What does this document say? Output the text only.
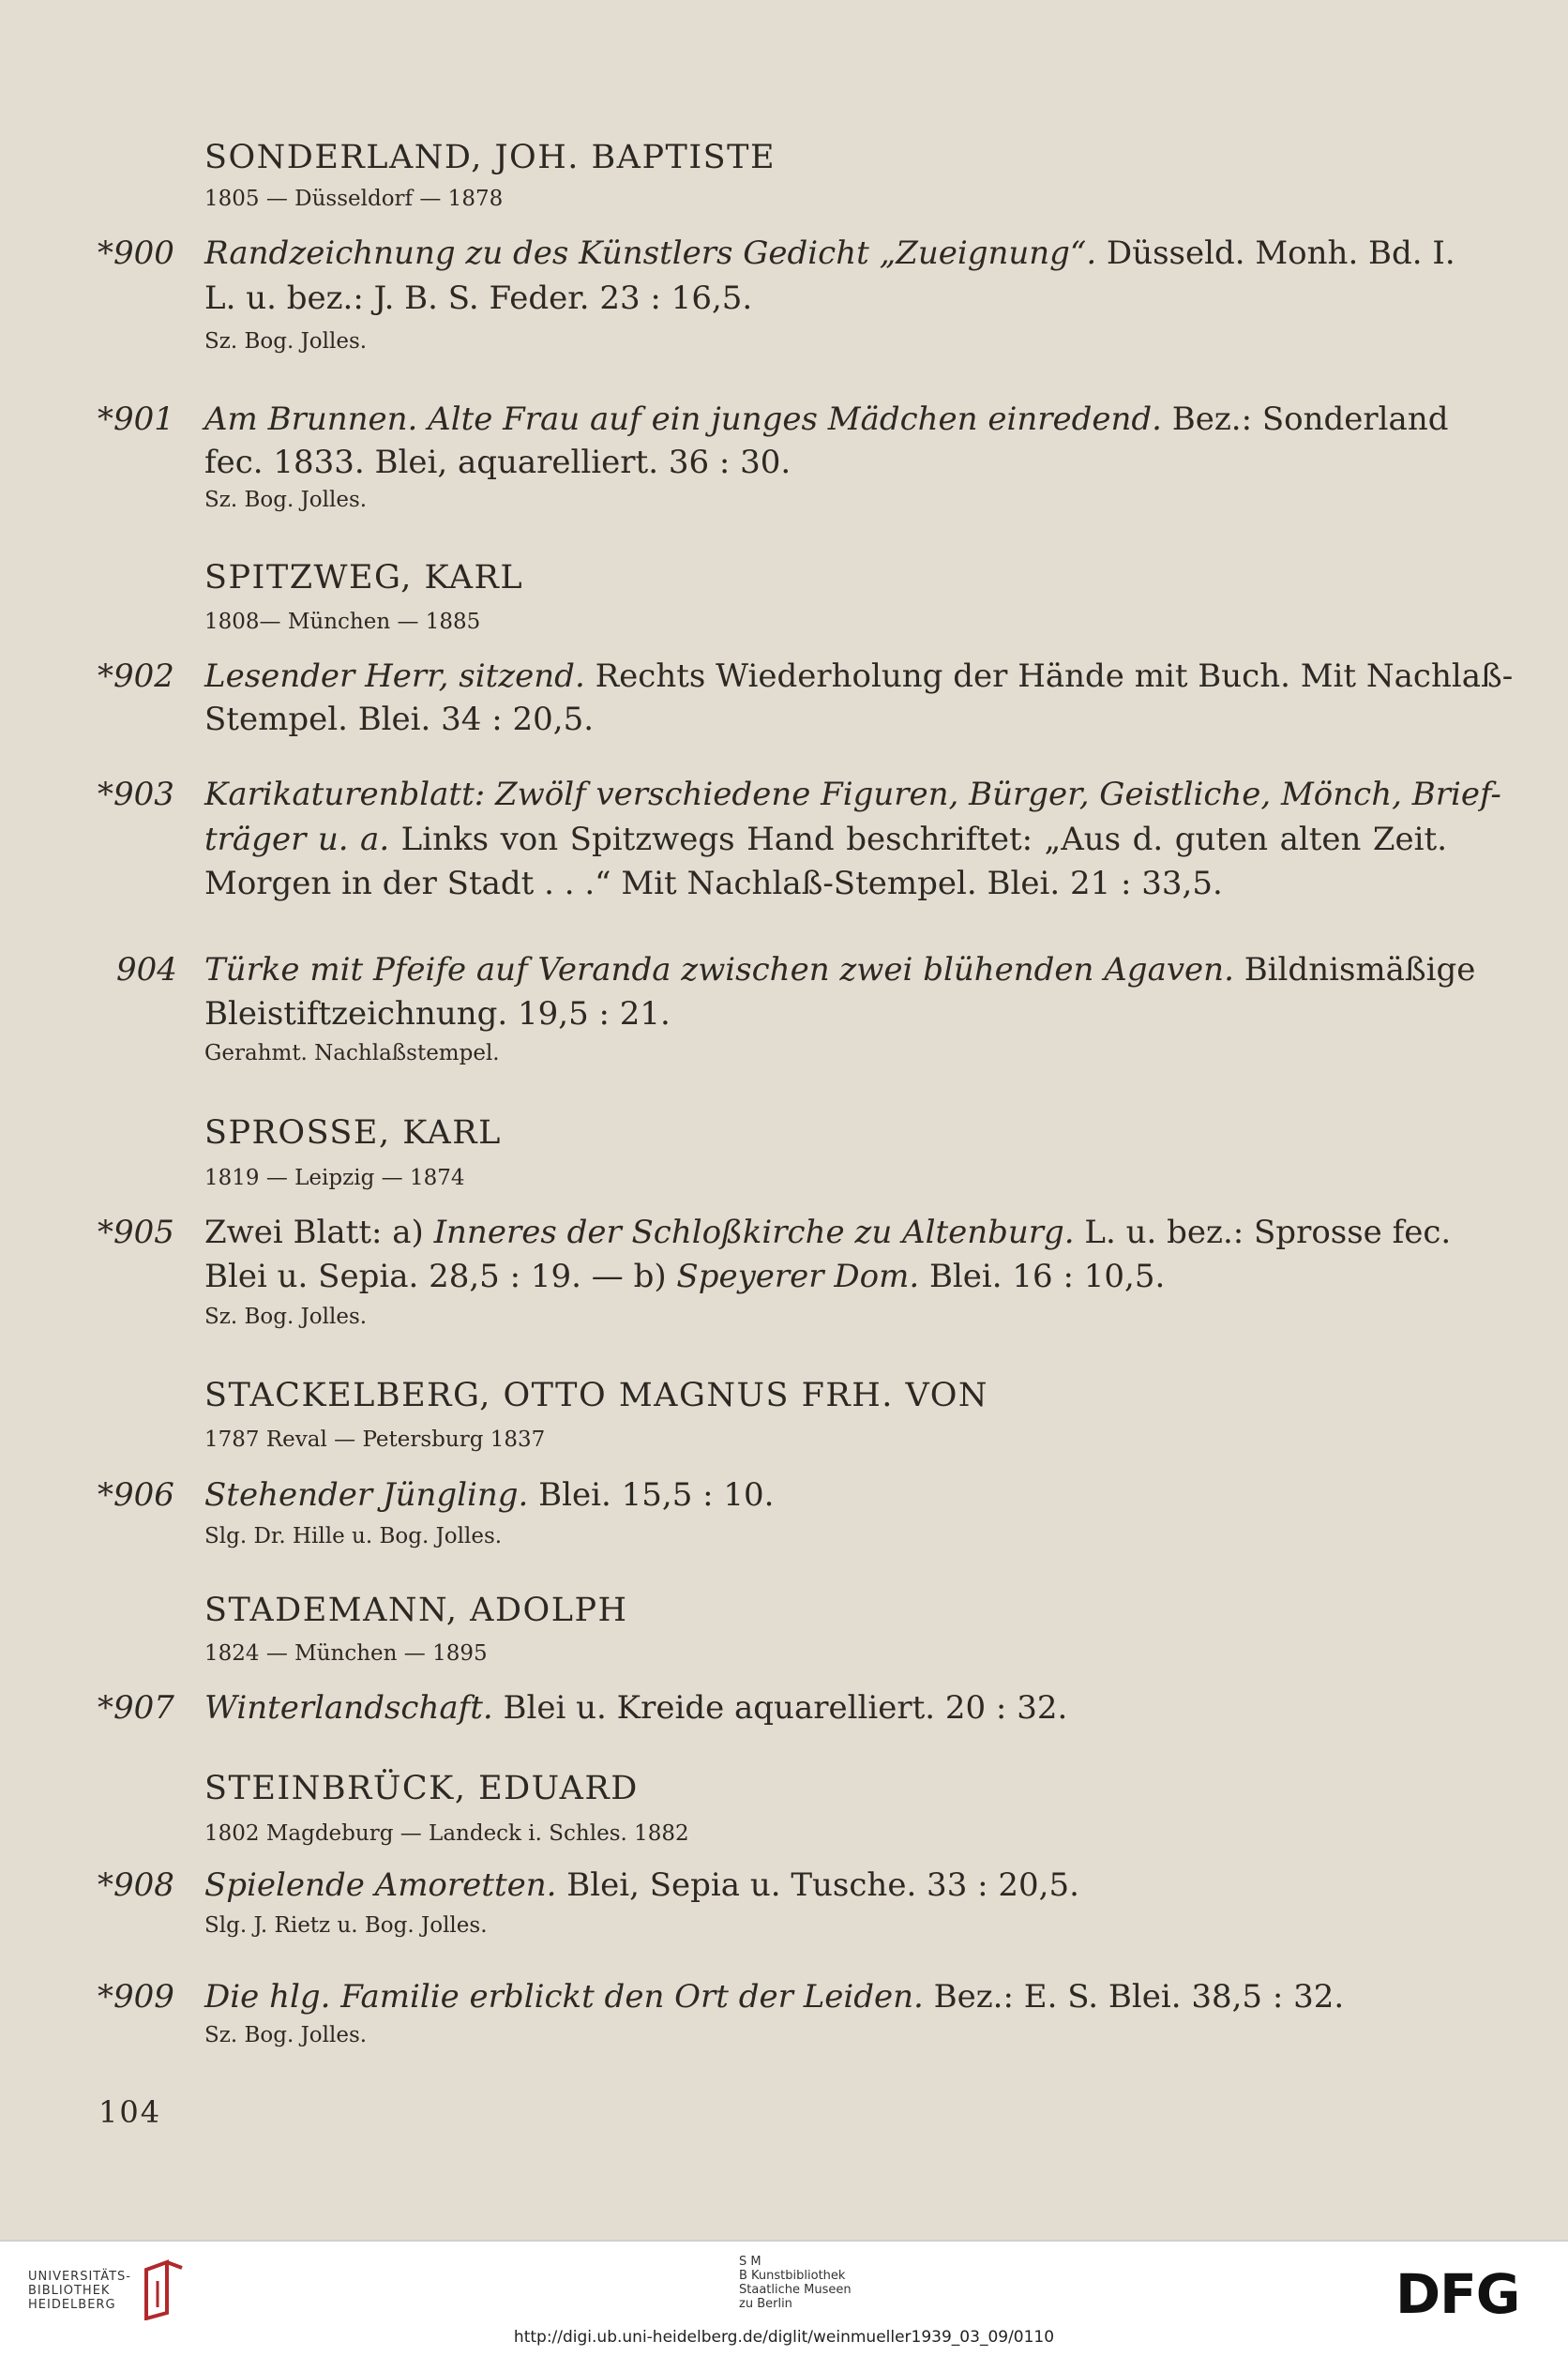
SONDERLAND, JOH. BAPTISTE
1805 — Düsseldorf — 1878
*900 Randzeichnung zu des Künstlers Gedicht „Zueignung“. Düsseld. Monh. Bd. I.
L. u. bez.: J. B. S. Feder. 23 : 16,5.
Sz. Bog. Jolles.
*901 Am Brunnen. Alte Frau auf ein junges Mädchen einredend. Bez.: Sonderland
fec. 1833. Blei, aquarelliert. 36 : 30.
Sz. Bog. Jolles.
SPITZWEG, KARL
1808— München — 1885
*902 Lesender Herr, sitzend. Rechts Wiederholung der Hände mit Buch. Mit Nachlaß-
Stempel. Blei. 34 : 20,5.
*903 Karikaturenblatt: Zwölf verschiedene Figuren, Bürger, Geistliche, Mönch, Brief-
träger u. a. Links von Spitzwegs Hand beschriftet: „Aus d. guten alten Zeit.
Morgen in der Stadt . . .“ Mit Nachlaß-Stempel. Blei. 21 : 33,5.
904 Türke mit Pfeife auf Veranda zwischen zwei blühenden Agaven. Bildnismäßige
Bleistiftzeichnung. 19,5 : 21.
Gerahmt. Nachlaßstempel.
SPROSSE, KARL
1819 — Leipzig — 1874
*905 Zwei Blatt: a) Inneres der Schloßkirche zu Altenburg. L. u. bez.: Sprosse fec.
Blei u. Sepia. 28,5 : 19. — b) Speyerer Dom. Blei. 16 : 10,5.
Sz. Bog. Jolles.
STACKELBERG, OTTO MAGNUS FRH. VON
1787 Reval — Petersburg 1837
*906 Stehender Jüngling. Blei. 15,5 : 10.
Slg. Dr. Hille u. Bog. Jolles.
STADEMANN, ADOLPH
1824 — München — 1895
*907 Winterlandschaft. Blei u. Kreide aquarelliert. 20 : 32.
STEINBRÜCK, EDUARD
1802 Magdeburg — Landeck i. Schles. 1882
*908 Spielende Amoretten. Blei, Sepia u. Tusche. 33 : 20,5.
Slg. J. Rietz u. Bog. Jolles.
*909 Die hlg. Familie erblickt den Ort der Leiden. Bez.: E. S. Blei. 38,5 : 32.
Sz. Bog. Jolles.
104
UNIVERSITÄTS-
BIBLIOTHEK
HEIDELBERG
S M
B Kunstbibliothek
Staatliche Museen
zu Berlin	DFG
http://digi.ub.uni-heidelberg.de/diglit/weinmueller1939_03_09/0110
